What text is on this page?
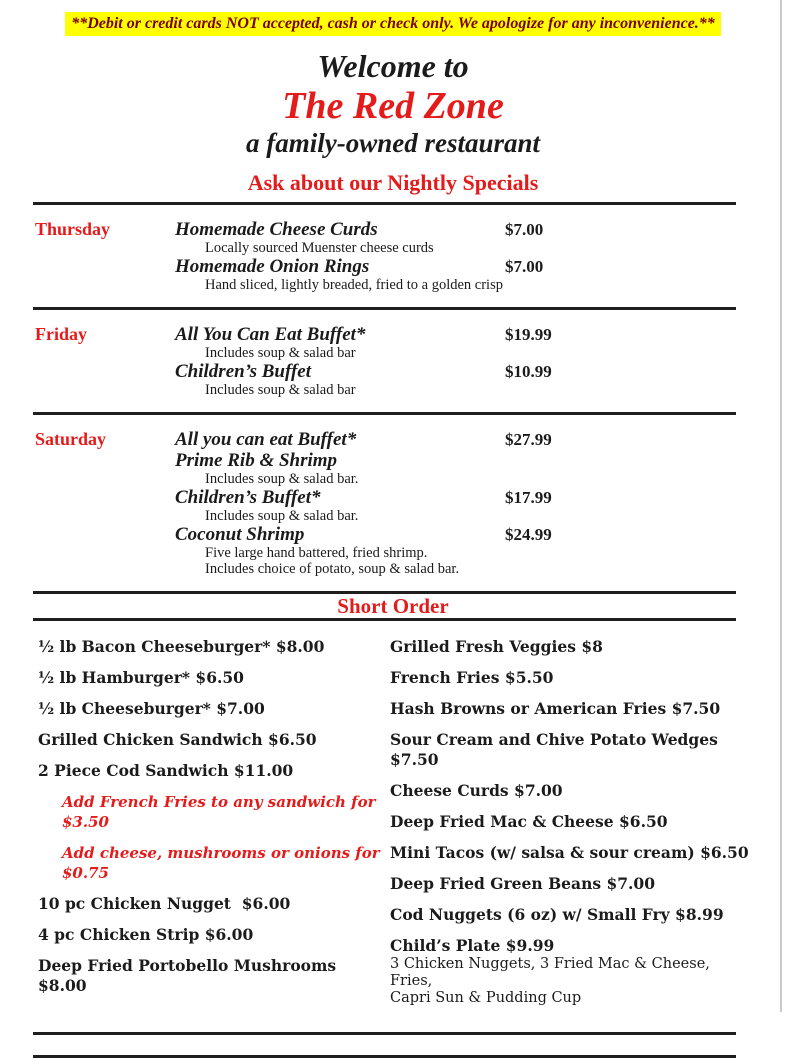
**Debit or credit cards NOT accepted, cash or check only. We apologize for any inconvenience.**
Welcome to
The Red Zone
a family-owned restaurant
Ask about our Nightly Specials
Thursday	Homemade Cheese Curds	$7.00
Locally sourced Muenster cheese curds
Homemade Onion Rings	$7.00
Hand sliced, lightly breaded, fried to a golden crisp
Friday	All You Can Eat Buffet*	$19.99
Includes soup & salad bar
Children’s Buffet	$10.99
Includes soup & salad bar
Saturday	All you can eat Buffet*	$27.99
Prime Rib & Shrimp
Includes soup & salad bar.
Children’s Buffet*	$17.99
Includes soup & salad bar.
Coconut Shrimp	$24.99
Five large hand battered, fried shrimp.
Includes choice of potato, soup & salad bar.
Short Order
½ lb Bacon Cheeseburger* $8.00
½ lb Hamburger* $6.50
½ lb Cheeseburger* $7.00
Grilled Chicken Sandwich $6.50
2 Piece Cod Sandwich $11.00
Add French Fries to any sandwich for $3.50
Add cheese, mushrooms or onions for $0.75
10 pc Chicken Nugget  $6.00
4 pc Chicken Strip $6.00
Deep Fried Portobello Mushrooms $8.00
Grilled Fresh Veggies $8
French Fries $5.50
Hash Browns or American Fries $7.50
Sour Cream and Chive Potato Wedges $7.50
Cheese Curds $7.00
Deep Fried Mac & Cheese $6.50
Mini Tacos (w/ salsa & sour cream) $6.50
Deep Fried Green Beans $7.00
Cod Nuggets (6 oz) w/ Small Fry $8.99
Child’s Plate $9.99
3 Chicken Nuggets, 3 Fried Mac & Cheese, Fries,
Capri Sun & Pudding Cup
